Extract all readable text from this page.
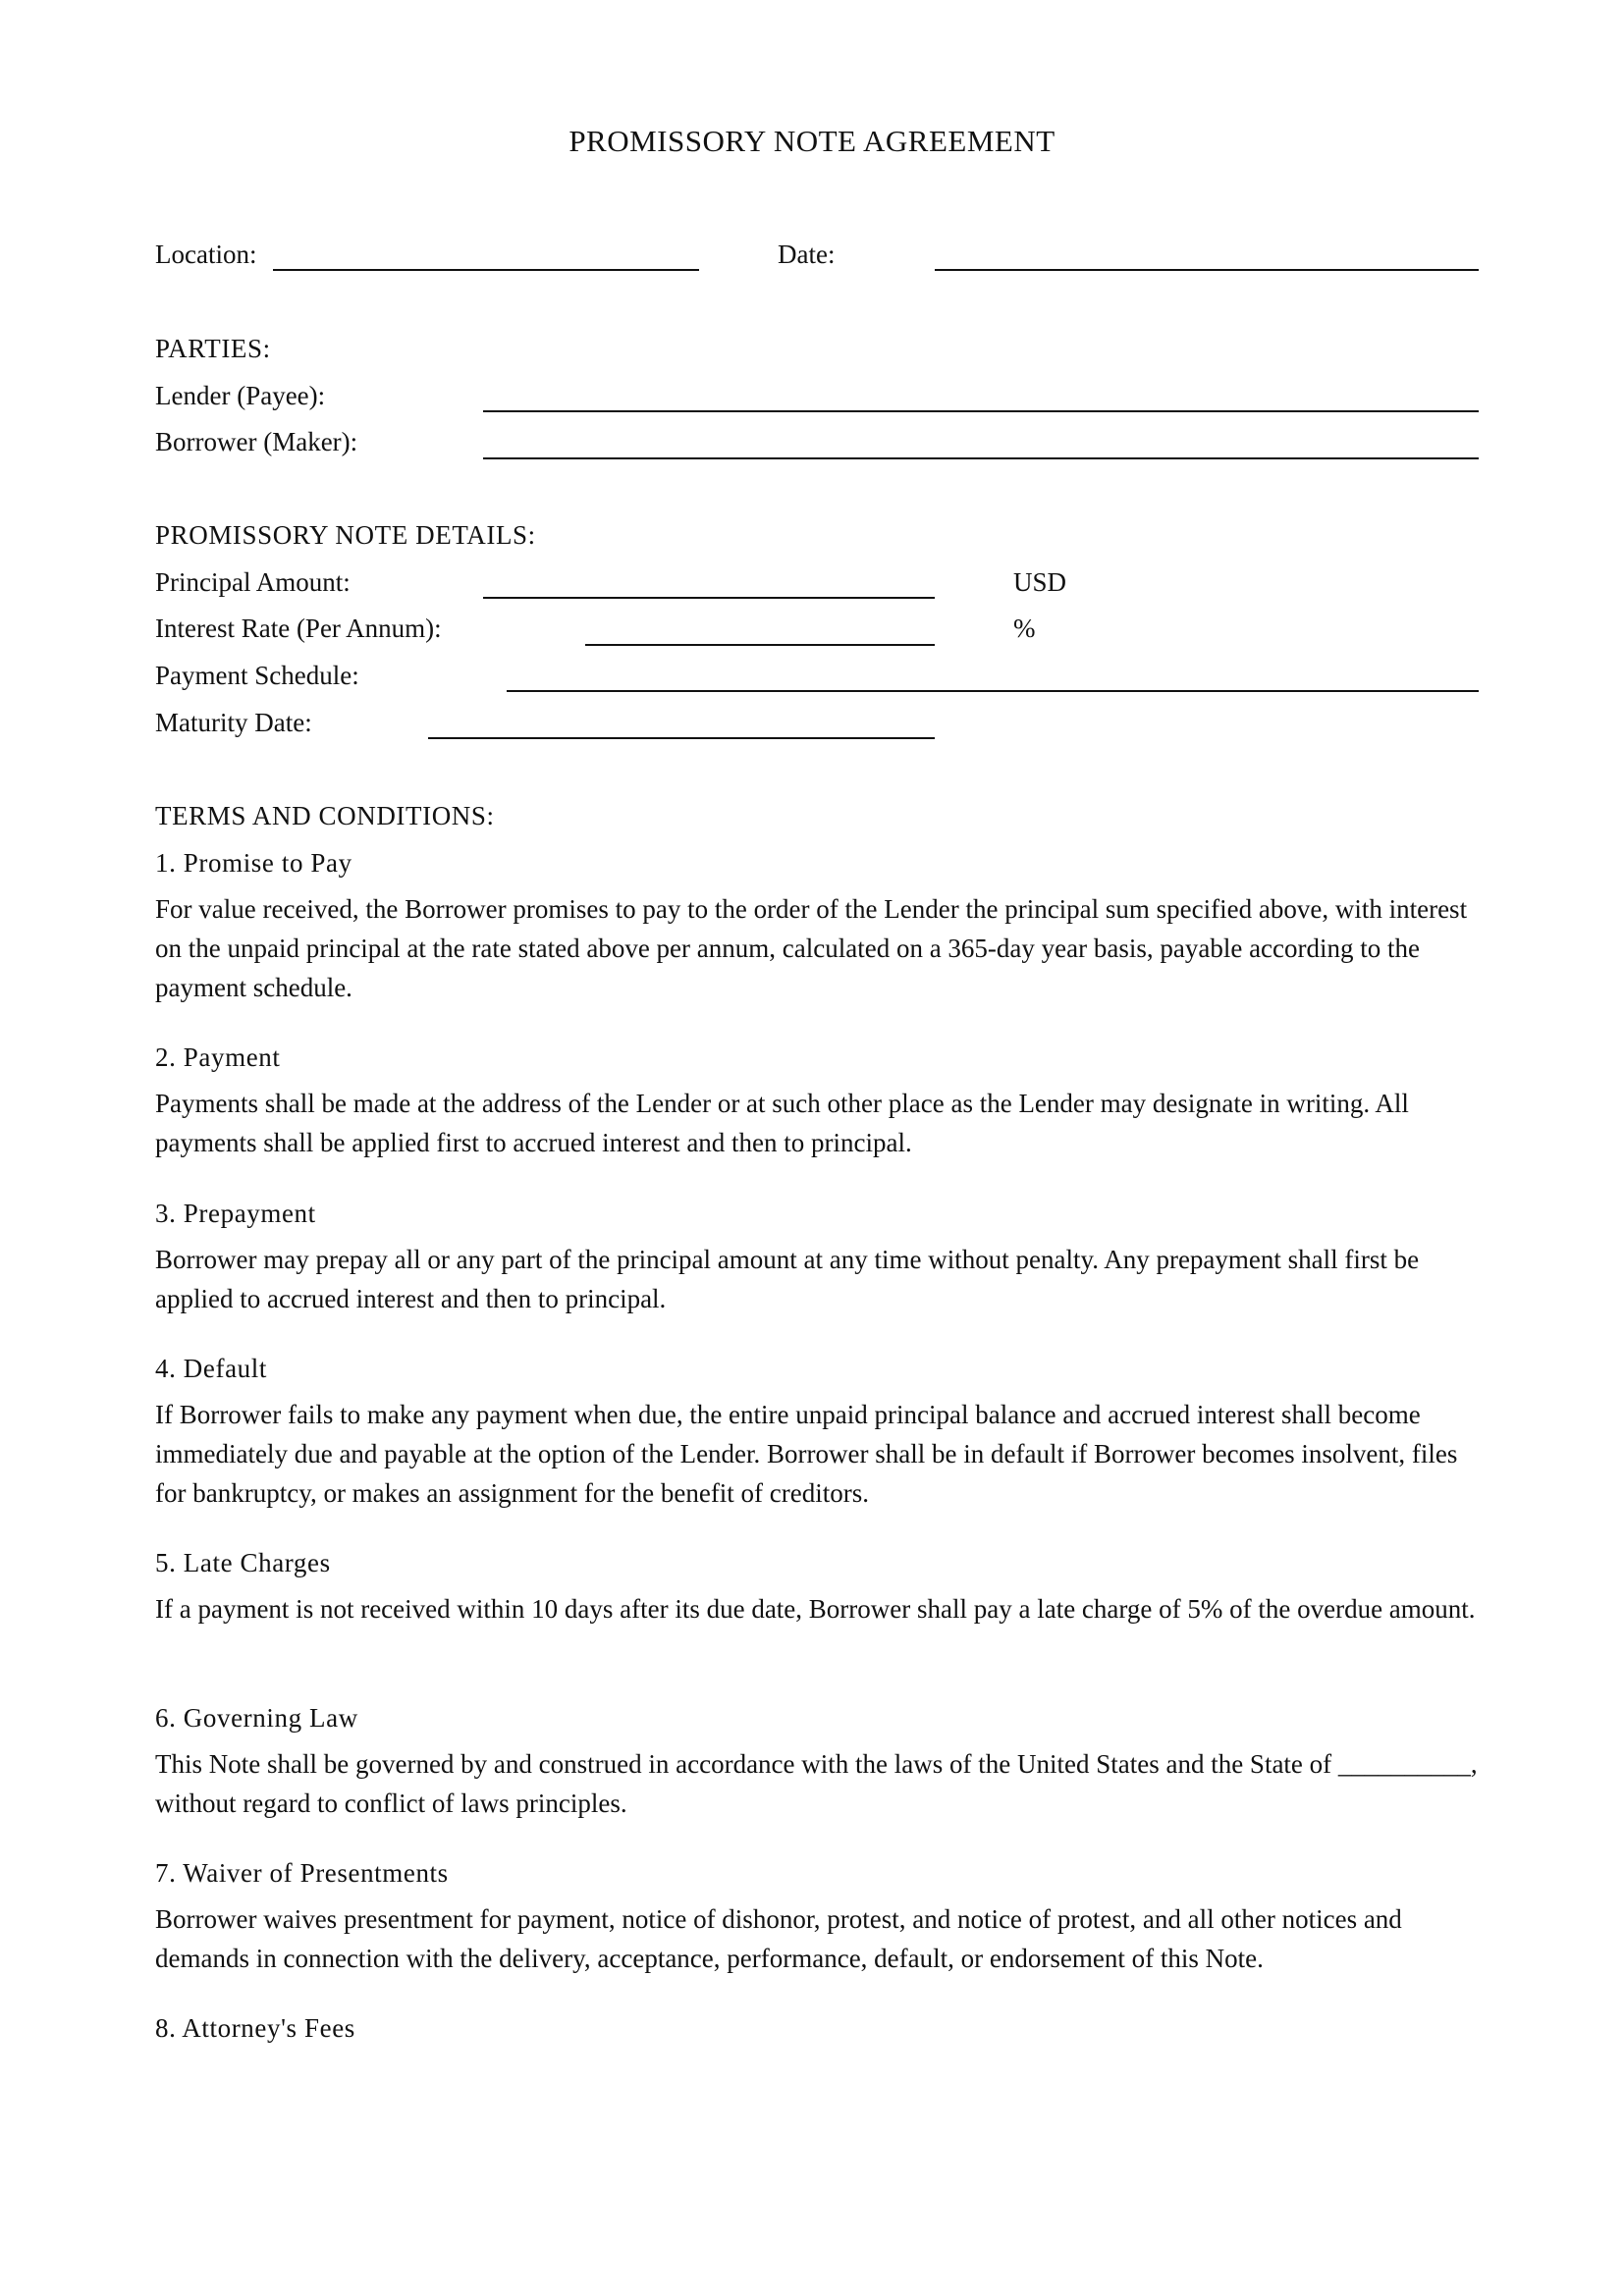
PROMISSORY NOTE AGREEMENT
Location:	Date:
PARTIES:
Lender (Payee):
Borrower (Maker):
PROMISSORY NOTE DETAILS:
Principal Amount:	USD
Interest Rate (Per Annum):	%
Payment Schedule:
Maturity Date:
TERMS AND CONDITIONS:
1. Promise to Pay

For value received, the Borrower promises to pay to the order of the Lender the principal sum specified above, with interest on the unpaid principal at the rate stated above per annum, calculated on a 365-day year basis, payable according to the payment schedule.

2. Payment

Payments shall be made at the address of the Lender or at such other place as the Lender may designate in writing. All payments shall be applied first to accrued interest and then to principal.

3. Prepayment

Borrower may prepay all or any part of the principal amount at any time without penalty. Any prepayment shall first be applied to accrued interest and then to principal.

4. Default

If Borrower fails to make any payment when due, the entire unpaid principal balance and accrued interest shall become immediately due and payable at the option of the Lender. Borrower shall be in default if Borrower becomes insolvent, files for bankruptcy, or makes an assignment for the benefit of creditors.

5. Late Charges

If a payment is not received within 10 days after its due date, Borrower shall pay a late charge of 5% of the overdue amount.

6. Governing Law

This Note shall be governed by and construed in accordance with the laws of the United States and the State of __________, without regard to conflict of laws principles.

7. Waiver of Presentments

Borrower waives presentment for payment, notice of dishonor, protest, and notice of protest, and all other notices and demands in connection with the delivery, acceptance, performance, default, or endorsement of this Note.

8. Attorney's Fees
